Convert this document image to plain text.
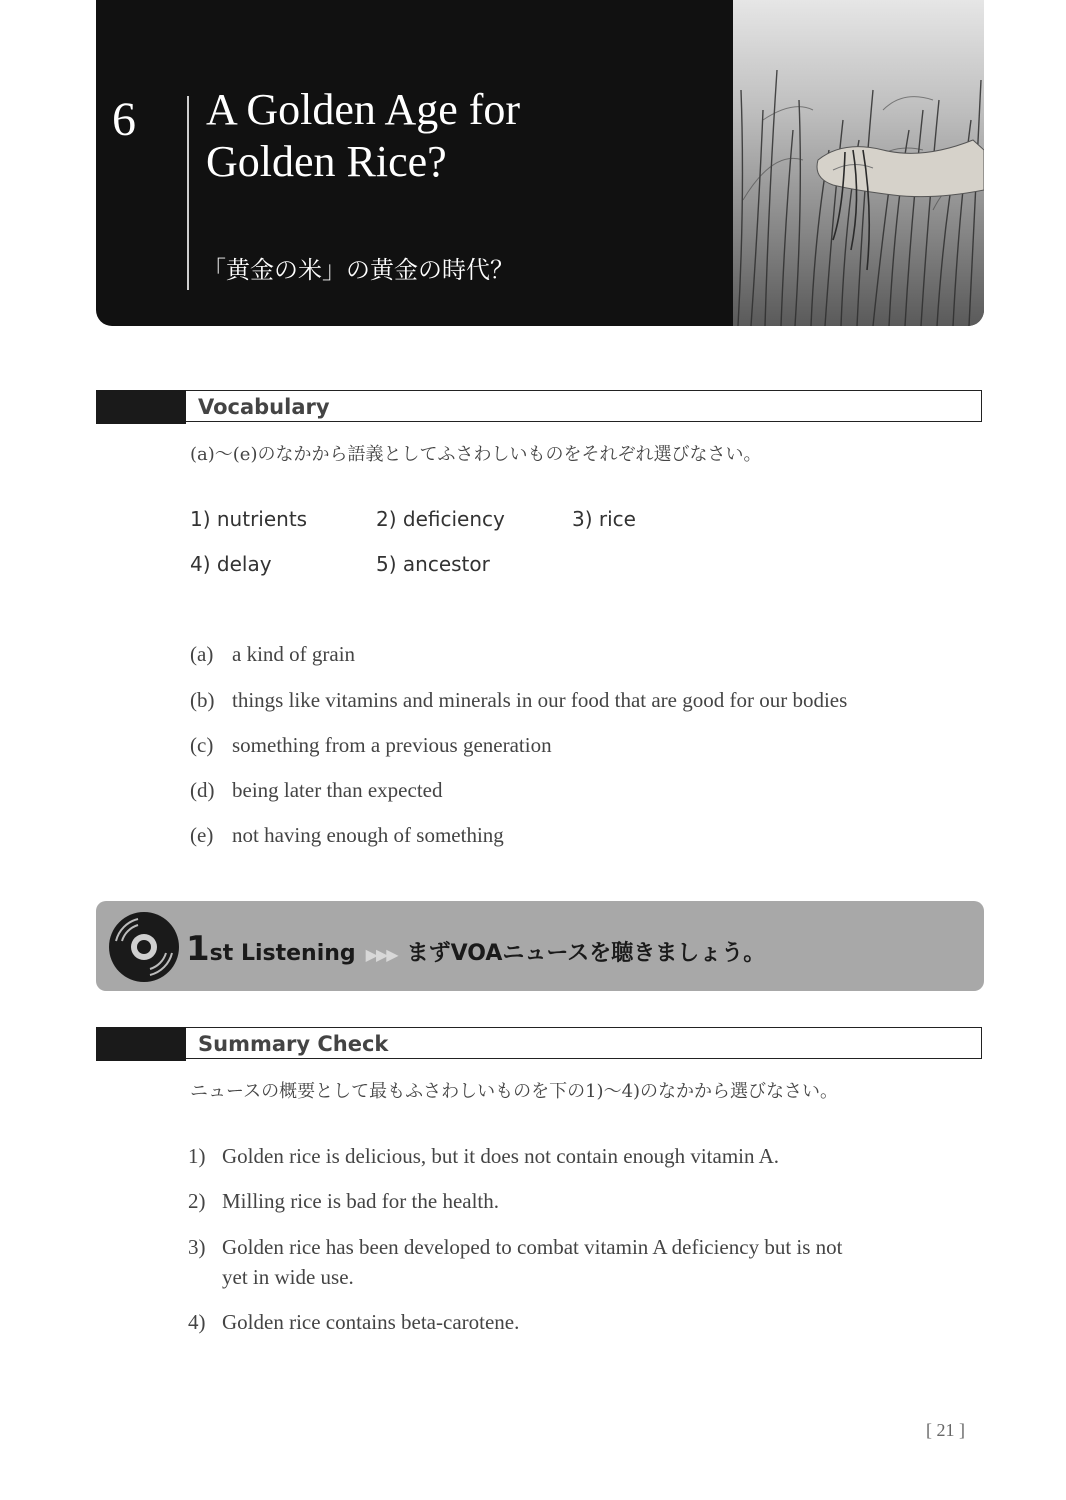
6 A Golden Age for
Golden Rice?
「黄金の米」の黄金の時代？
Vocabulary
(a)～(e)のなかから語義としてふさわしいものをそれぞれ選びなさい。
1) nutrients	2) deficiency	3) rice
4) delay	5) ancestor
(a) a kind of grain
(b) things like vitamins and minerals in our food that are good for our bodies
(c) something from a previous generation
(d) being later than expected
(e) not having enough of something
1st Listening ▶▶▶ まずVOAニュースを聴きましょう。
Summary Check
ニュースの概要として最もふさわしいものを下の1)～4)のなかから選びなさい。
1) Golden rice is delicious, but it does not contain enough vitamin A.
2) Milling rice is bad for the health.
3) Golden rice has been developed to combat vitamin A deficiency but is not
yet in wide use.
4) Golden rice contains beta-carotene.
[ 21 ]
